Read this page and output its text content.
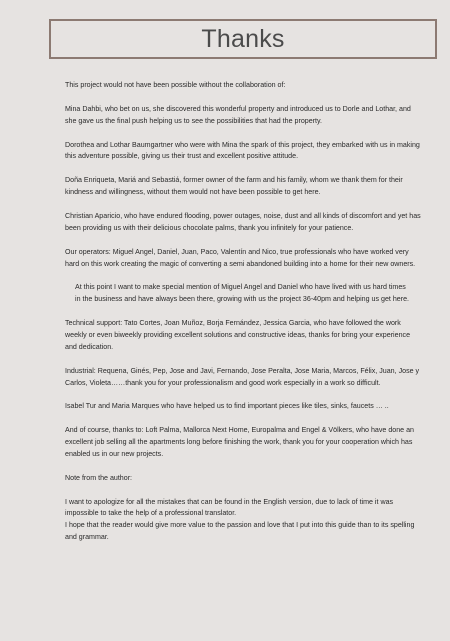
Thanks

This project would not have been possible without the collaboration of:

Mina Dahbi, who bet on us, she discovered this wonderful property and introduced us to Dorle and Lothar, and she gave us the final push helping us to see the possibilities that had the property.

Dorothea and Lothar Baumgartner who were with Mina the spark of this project, they embarked with us in making this adventure possible, giving us their trust and excellent positive attitude.

Doña Enriqueta, Mariá and Sebastiá, former owner of the farm and his family, whom we thank them for their kindness and willingness, without them would not have been possible to get here.

Christian Aparicio, who have endured flooding, power outages, noise, dust and all kinds of discomfort and yet has been providing us with their delicious chocolate palms, thank you infinitely for your patience.

Our operators: Miguel Angel, Daniel, Juan, Paco, Valentín and Nico, true professionals who have worked very hard on this work creating the magic of converting a semi abandoned building into a home for their new owners.

At this point I want to make special mention of Miguel Angel and Daniel who have lived with us hard times in the business and have always been there, growing with us the project 36-40pm and helping us get here.

Technical support: Tato Cortes, Joan Muñoz, Borja Fernández, Jessica Garcia, who have followed the work weekly or even biweekly providing excellent solutions and constructive ideas, thanks for bring your experience and dedication.

Industrial: Requena, Ginés, Pep, Jose and Javi, Fernando, Jose Peralta, Jose Maria, Marcos, Félix, Juan, Jose y Carlos, Violeta……thank you for your professionalism and good work especially in a work so difficult.

Isabel Tur and Maria Marques who have helped us to find important pieces like tiles, sinks, faucets … ..

And of course, thanks to: Loft Palma, Mallorca Next Home, Europalma and Engel & Völkers, who have done an excellent job selling all the apartments long before finishing the work, thank you for your cooperation which has enabled us in our new projects.

Note from the author:

I want to apologize for all the mistakes that can be found in the English version, due to lack of time it was impossible to take the help of a professional translator.

I hope that the reader would give more value to the passion and love that I put into this guide than to its spelling and grammar.
